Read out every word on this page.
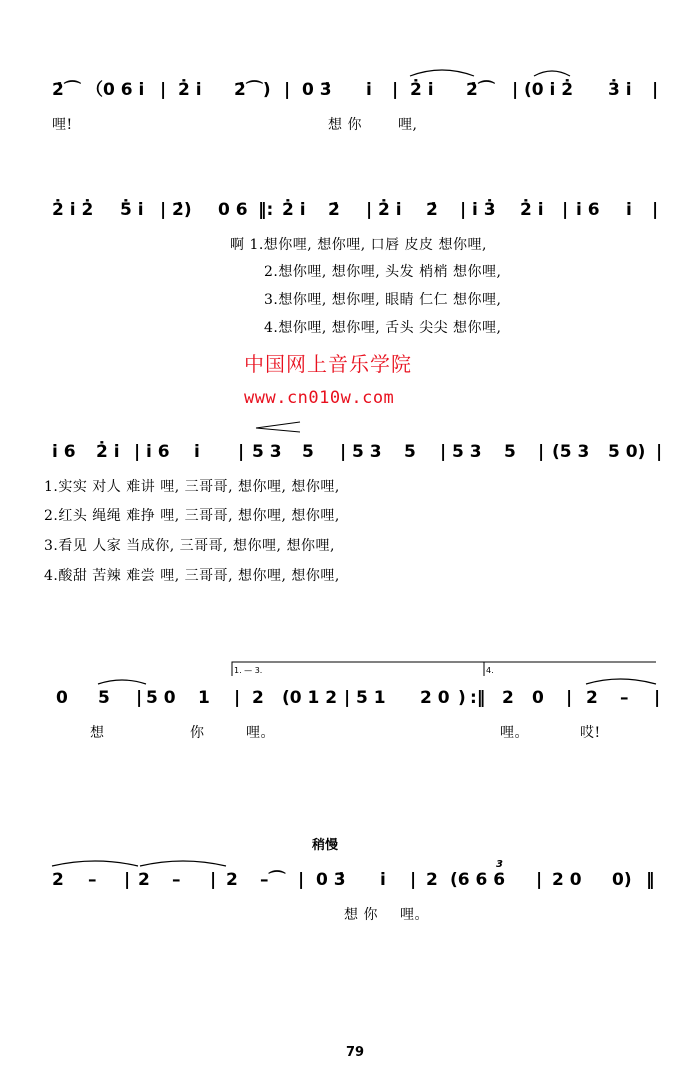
2̇⌒ （0 6 i | 2̇ i 2̇⌒) | 0 3̇ i | 2̇ i 2̇⌒ | (0 i 2̇ 3̇ i |
哩!	想 你	哩,
2̇ i 2̇ 5̇ i | 2̇) 0 6 ‖: 2̇ i 2̇ | 2̇ i 2̇ | i 3̇ 2̇ i | i 6 i |
啊 1.想你哩, 想你哩, 口唇 皮皮 想你哩,
2.想你哩, 想你哩, 头发 梢梢 想你哩,
3.想你哩, 想你哩, 眼睛 仁仁 想你哩,
4.想你哩, 想你哩, 舌头 尖尖 想你哩,
中国网上音乐学院
www.cn010w.com
i 6 2̇ i | i 6 i | 5 3 5 | 5 3 5 | 5 3 5 | (5 3 5 0) |
1.实实 对人 难讲 哩, 三哥哥, 想你哩, 想你哩,
2.红头 绳绳 难挣 哩, 三哥哥, 想你哩, 想你哩,
3.看见 人家 当成你, 三哥哥, 想你哩, 想你哩,
4.酸甜 苦辣 难尝 哩, 三哥哥, 想你哩, 想你哩,
1. — 3.	4.
0 5 | 5 0 1 | 2 (0 1 2 | 5 1 2 0 ) :‖ 2 0 | 2 – |
想	你	哩。	哩。	哎!
稍慢
2 – | 2 – | 2 –⌒ | 0 3̇ i | 2 (6 6 6 | 2 0 0) ‖
3
想 你 哩。
79
